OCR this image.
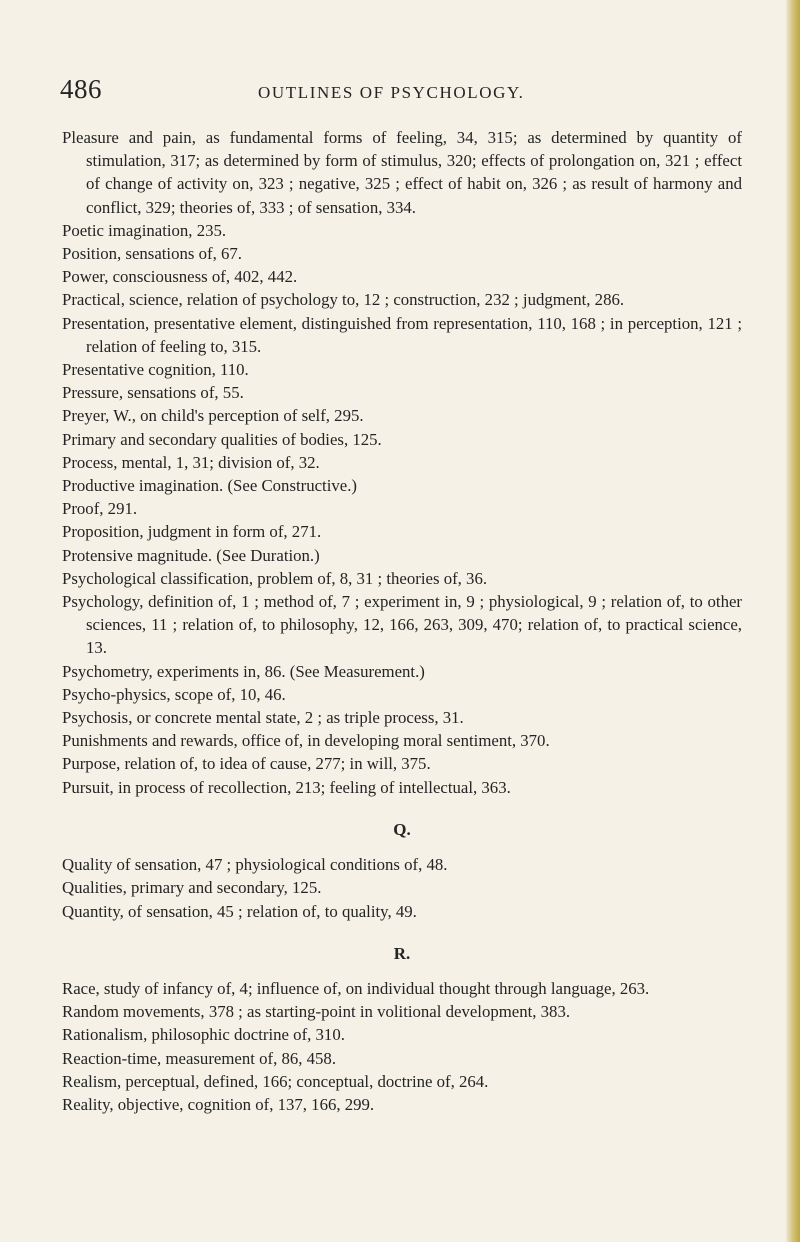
486	OUTLINES OF PSYCHOLOGY.

Pleasure and pain, as fundamental forms of feeling, 34, 315; as determined by quantity of stimulation, 317; as determined by form of stimulus, 320; effects of prolongation on, 321 ; effect of change of activity on, 323 ; negative, 325 ; effect of habit on, 326 ; as result of harmony and conflict, 329; theories of, 333 ; of sensation, 334.

Poetic imagination, 235.

Position, sensations of, 67.

Power, consciousness of, 402, 442.

Practical, science, relation of psychology to, 12 ; construction, 232 ; judgment, 286.

Presentation, presentative element, distinguished from representation, 110, 168 ; in perception, 121 ; relation of feeling to, 315.

Presentative cognition, 110.

Pressure, sensations of, 55.

Preyer, W., on child's perception of self, 295.

Primary and secondary qualities of bodies, 125.

Process, mental, 1, 31; division of, 32.

Productive imagination. (See Constructive.)

Proof, 291.

Proposition, judgment in form of, 271.

Protensive magnitude. (See Duration.)

Psychological classification, problem of, 8, 31 ; theories of, 36.

Psychology, definition of, 1 ; method of, 7 ; experiment in, 9 ; physiological, 9 ; relation of, to other sciences, 11 ; relation of, to philosophy, 12, 166, 263, 309, 470; relation of, to practical science, 13.

Psychometry, experiments in, 86. (See Measurement.)

Psycho-physics, scope of, 10, 46.

Psychosis, or concrete mental state, 2 ; as triple process, 31.

Punishments and rewards, office of, in developing moral sentiment, 370.

Purpose, relation of, to idea of cause, 277; in will, 375.

Pursuit, in process of recollection, 213; feeling of intellectual, 363.

Q.

Quality of sensation, 47 ; physiological conditions of, 48.

Qualities, primary and secondary, 125.

Quantity, of sensation, 45 ; relation of, to quality, 49.

R.

Race, study of infancy of, 4; influence of, on individual thought through language, 263.

Random movements, 378 ; as starting-point in volitional development, 383.

Rationalism, philosophic doctrine of, 310.

Reaction-time, measurement of, 86, 458.

Realism, perceptual, defined, 166; conceptual, doctrine of, 264.

Reality, objective, cognition of, 137, 166, 299.
